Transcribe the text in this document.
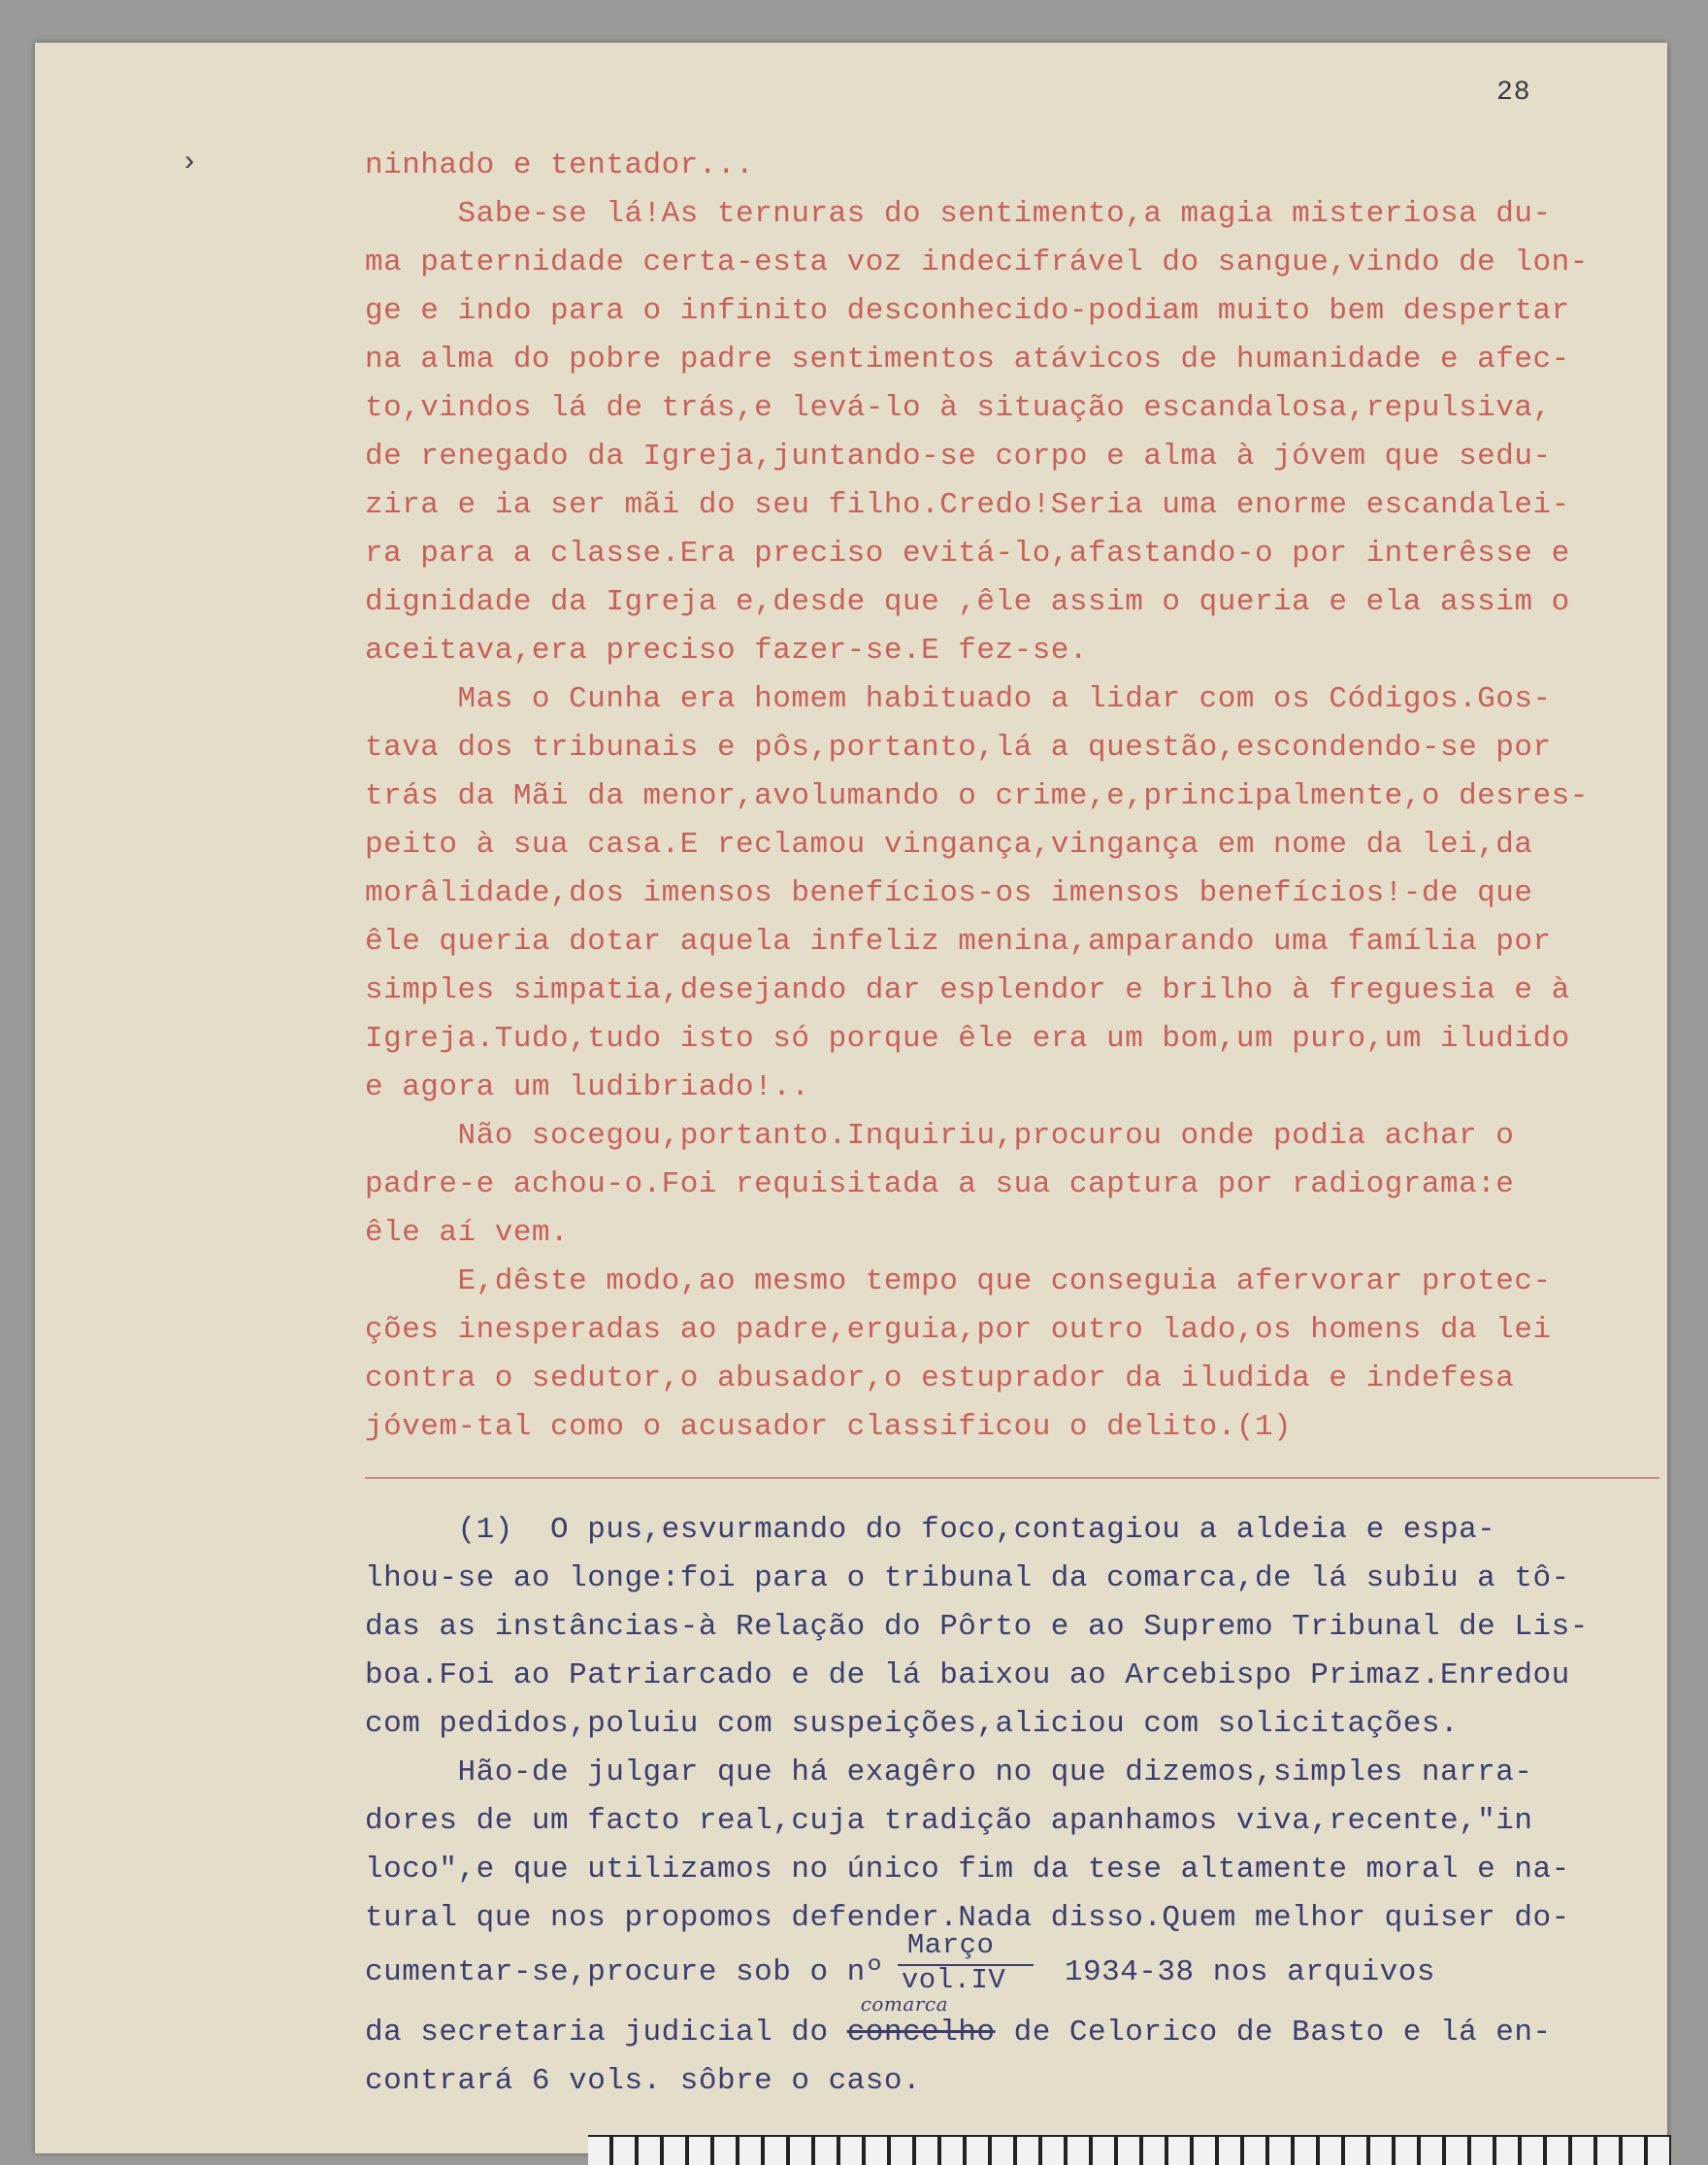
28
›	ninhado e tentador...
Sabe-se lá!As ternuras do sentimento,a magia misteriosa du-
ma paternidade certa-esta voz indecifrável do sangue,vindo de lon-
ge e indo para o infinito desconhecido-podiam muito bem despertar
na alma do pobre padre sentimentos atávicos de humanidade e afec-
to,vindos lá de trás,e levá-lo à situação escandalosa,repulsiva,
de renegado da Igreja,juntando-se corpo e alma à jóvem que sedu-
zira e ia ser mãi do seu filho.Credo!Seria uma enorme escandalei-
ra para a classe.Era preciso evitá-lo,afastando-o por interêsse e
dignidade da Igreja e,desde que ,êle assim o queria e ela assim o
aceitava,era preciso fazer-se.E fez-se.
Mas o Cunha era homem habituado a lidar com os Códigos.Gos-
tava dos tribunais e pôs,portanto,lá a questão,escondendo-se por
trás da Mãi da menor,avolumando o crime,e,principalmente,o desres-
peito à sua casa.E reclamou vingança,vingança em nome da lei,da
morâlidade,dos imensos benefícios-os imensos benefícios!-de que
êle queria dotar aquela infeliz menina,amparando uma família por
simples simpatia,desejando dar esplendor e brilho à freguesia e à
Igreja.Tudo,tudo isto só porque êle era um bom,um puro,um iludido
e agora um ludibriado!..
Não socegou,portanto.Inquiriu,procurou onde podia achar o
padre-e achou-o.Foi requisitada a sua captura por radiograma:e
êle aí vem.
E,dêste modo,ao mesmo tempo que conseguia afervorar protec-
ções inesperadas ao padre,erguia,por outro lado,os homens da lei
contra o sedutor,o abusador,o estuprador da iludida e indefesa
jóvem-tal como o acusador classificou o delito.(1)
(1)  O pus,esvurmando do foco,contagiou a aldeia e espa-
lhou-se ao longe:foi para o tribunal da comarca,de lá subiu a tô-
das as instâncias-à Relação do Pôrto e ao Supremo Tribunal de Lis-
boa.Foi ao Patriarcado e de lá baixou ao Arcebispo Primaz.Enredou
com pedidos,poluiu com suspeições,aliciou com solicitações.
Hão-de julgar que há exagêro no que dizemos,simples narra-
dores de um facto real,cuja tradição apanhamos viva,recente,"in
loco",e que utilizamos no único fim da tese altamente moral e na-
tural que nos propomos defender.Nada disso.Quem melhor quiser do-
cumentar-se,procure sob o nº
Março
vol.IV 1934-38 nos arquivos
da secretaria judicial do
comarca
concelho de Celorico de Basto e lá en-
contrará 6 vols. sôbre o caso.
